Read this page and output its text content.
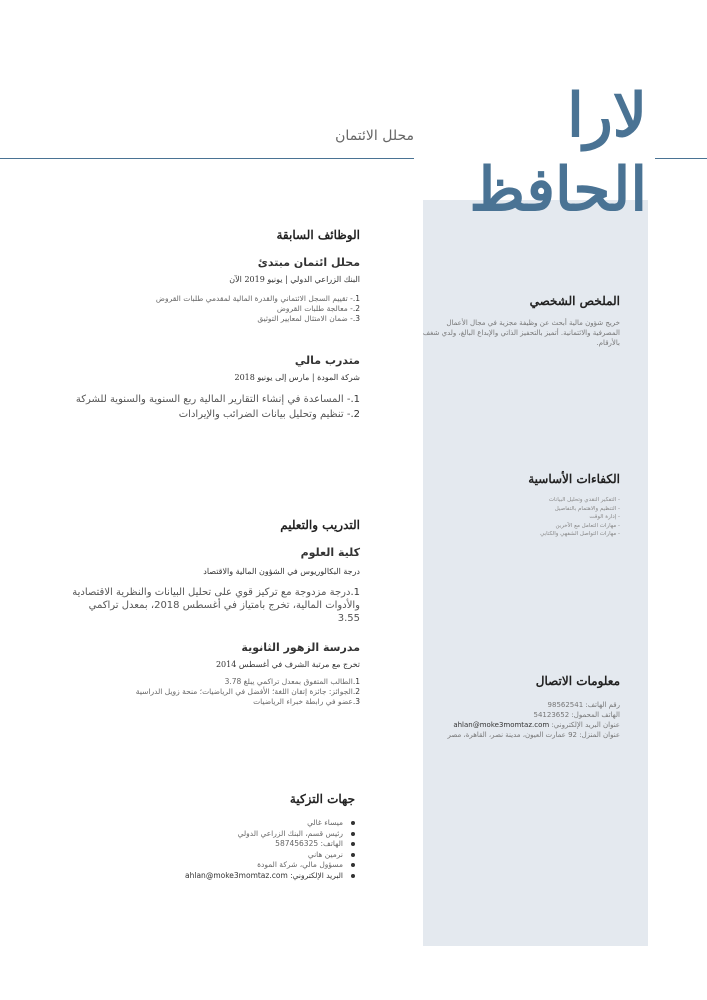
لارا
الحافظ
محلل الائتمان
الملخص الشخصي
خريج شؤون مالية أبحث عن وظيفة مجزية في مجال الأعمال المصرفية والائتمانية. أتميز بالتحفيز الذاتي والإبداع البالغ، ولدي شغف بالأرقام.
الكفاءات الأساسية
- التفكير النقدي وتحليل البيانات
- التنظيم والاهتمام بالتفاصيل
- إدارة الوقت
- مهارات التعامل مع الآخرين
- مهارات التواصل الشفهي والكتابي
معلومات الاتصال
رقم الهاتف: 98562541
الهاتف المحمول: 54123652
عنوان البريد الإلكتروني: ahlan@moke3momtaz.com
عنوان المنزل: 92 عمارت العيون، مدينة نصر، القاهرة، مصر
الوظائف السابقة
محلل ائتمان مبتدئ
البنك الزراعي الدولي | يونيو 2019 الآن
1.- تقييم السجل الائتماني والقدرة المالية لمقدمي طلبات القروض
2.- معالجة طلبات القروض
3.- ضمان الامتثال لمعايير التوثيق
متدرب مالي
شركة المودة | مارس إلى يونيو 2018
1.- المساعدة في إنشاء التقارير المالية ربع السنوية والسنوية للشركة
2.- تنظيم وتحليل بيانات الضرائب والإيرادات
التدريب والتعليم
كلية العلوم
درجة البكالوريوس في الشؤون المالية والاقتصاد
1.درجة مزدوجة مع تركيز قوي على تحليل البيانات والنظرية الاقتصادية والأدوات المالية، تخرج بامتياز في أغسطس 2018، بمعدل تراكمي 3.55
مدرسة الزهور الثانوية
تخرج مع مرتبة الشرف في أغسطس 2014
1.الطالب المتفوق بمعدل تراكمي يبلغ 3.78
2.الجوائز: جائزة إتقان اللغة؛ الأفضل في الرياضيات؛ منحة زويل الدراسية
3.عضو في رابطة خبراء الرياضيات
جهات التزكية
ميساء غالي
رئيس قسم، البنك الزراعي الدولي
الهاتف: 587456325
نرمين هاني
مسؤول مالي، شركة المودة
البريد الإلكتروني: ahlan@moke3momtaz.com
